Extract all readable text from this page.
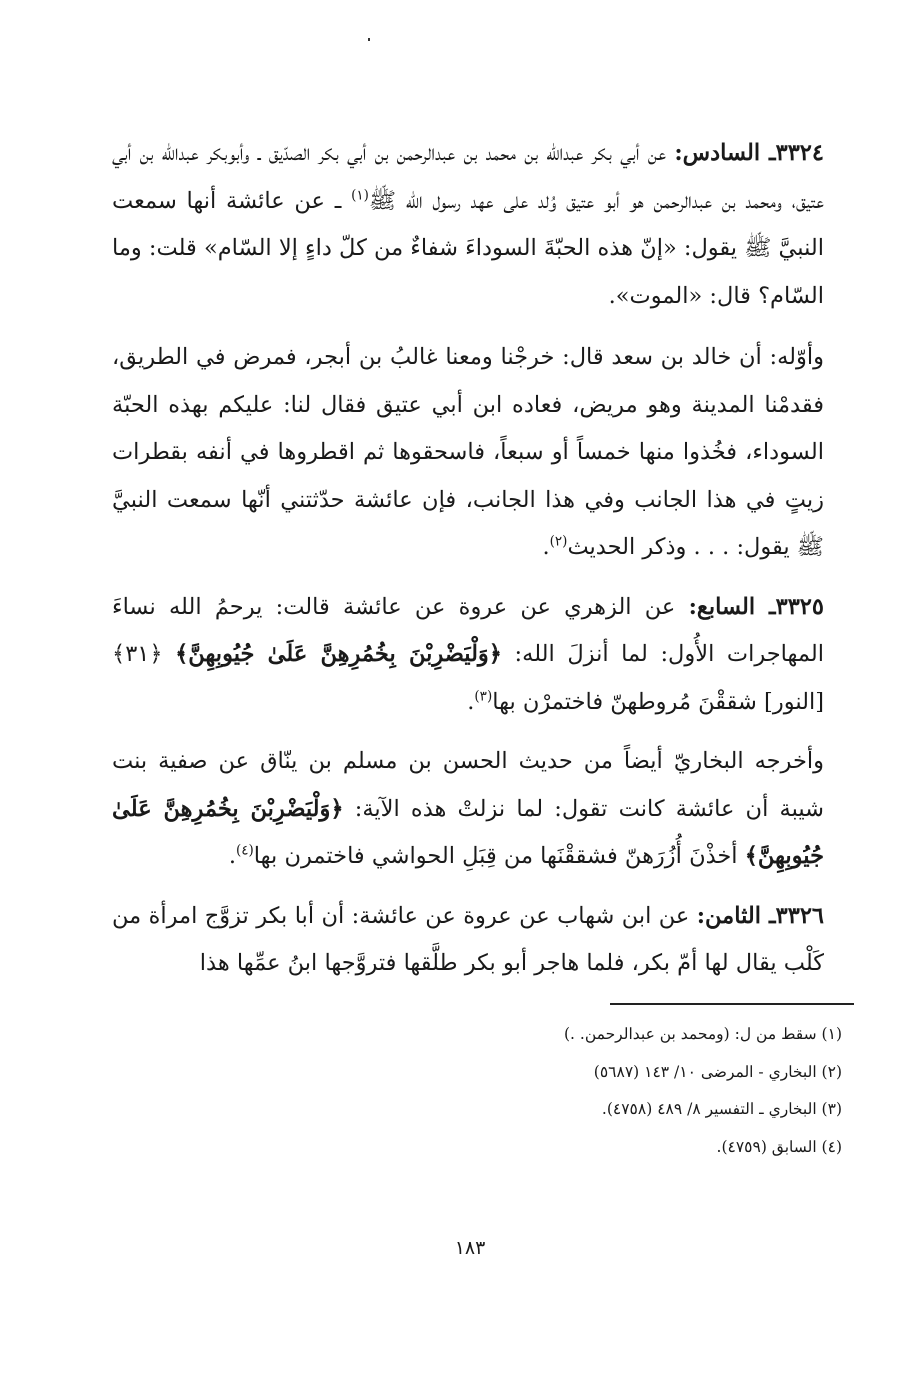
٣٣٢٤ـ السادس: عن أبي بكر عبدالله بن محمد بن عبدالرحمن بن أبي بكر الصدّيق ـ وأبوبكر عبدالله بن أبي عتيق، ومحمد بن عبدالرحمن هو أبو عتيق وُلد على عهد رسول الله ﷺ$^{(١)}$ ـ عن عائشة أنها سمعت النبيَّ ﷺ يقول: «إنّ هذه الحبّةَ السوداءَ شفاءٌ من كلّ داءٍ إلا السّام» قلت: وما السّام؟ قال: «الموت».

وأوّله: أن خالد بن سعد قال: خرجْنا ومعنا غالبُ بن أبجر، فمرض في الطريق، فقدمْنا المدينة وهو مريض، فعاده ابن أبي عتيق فقال لنا: عليكم بهذه الحبّة السوداء، فخُذوا منها خمساً أو سبعاً، فاسحقوها ثم اقطروها في أنفه بقطرات زيتٍ في هذا الجانب وفي هذا الجانب، فإن عائشة حدّثتني أنّها سمعت النبيَّ ﷺ يقول: . . . وذكر الحديث$^{(٢)}$.

٣٣٢٥ـ السابع: عن الزهري عن عروة عن عائشة قالت: يرحمُ الله نساءَ المهاجرات الأُول: لما أنزلَ الله: ﴿وَلْيَضْرِبْنَ بِخُمُرِهِنَّ عَلَىٰ جُيُوبِهِنَّ﴾ ﴿٣١﴾ [النور] شققْنَ مُروطهنّ فاختمرْن بها$^{(٣)}$.

وأخرجه البخاريّ أيضاً من حديث الحسن بن مسلم بن ينّاق عن صفية بنت شيبة أن عائشة كانت تقول: لما نزلتْ هذه الآية: ﴿وَلْيَضْرِبْنَ بِخُمُرِهِنَّ عَلَىٰ جُيُوبِهِنَّ﴾ أخذْنَ أُزُرَهنّ فشققْنَها من قِبَلِ الحواشي فاختمرن بها$^{(٤)}$.

٣٣٢٦ـ الثامن: عن ابن شهاب عن عروة عن عائشة: أن أبا بكر تزوَّج امرأة من كَلْب يقال لها أمّ بكر، فلما هاجر أبو بكر طلَّقها فتروَّجها ابنُ عمِّها هذا

(١) سقط من ل: (ومحمد بن عبدالرحمن. .)
(٢) البخاري - المرضى ١٠/ ١٤٣ (٥٦٨٧)
(٣) البخاري ـ التفسير ٨/ ٤٨٩ (٤٧٥٨).
(٤) السابق (٤٧٥٩).
١٨٣
